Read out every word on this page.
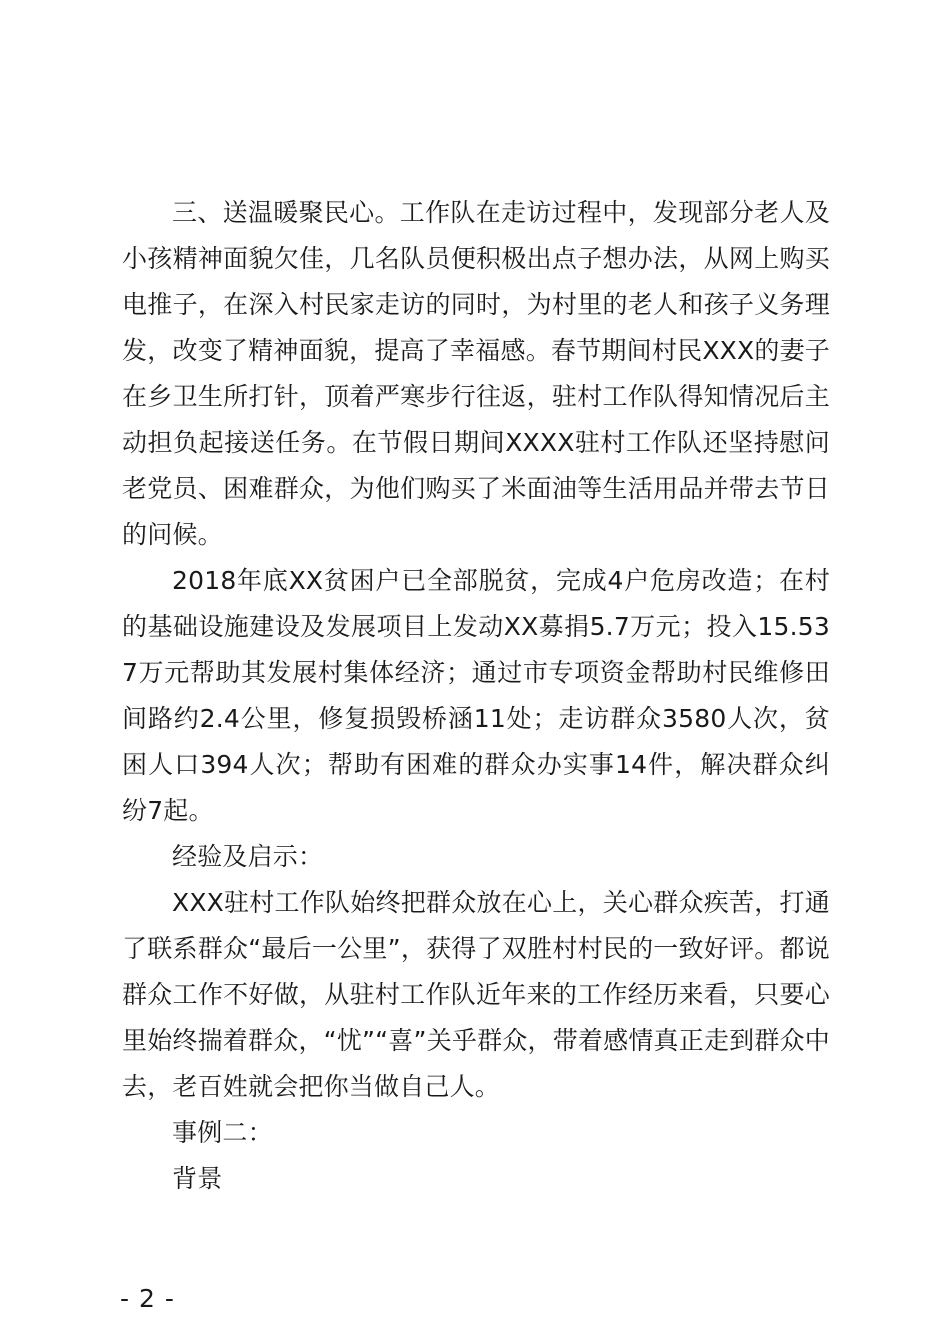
三、送温暖聚民心。工作队在走访过程中，发现部分老人及小孩精神面貌欠佳，几名队员便积极出点子想办法，从网上购买电推子，在深入村民家走访的同时，为村里的老人和孩子义务理发，改变了精神面貌，提高了幸福感。春节期间村民XXX的妻子在乡卫生所打针，顶着严寒步行往返，驻村工作队得知情况后主动担负起接送任务。在节假日期间XXXX驻村工作队还坚持慰问老党员、困难群众，为他们购买了米面油等生活用品并带去节日的问候。

2018年底XX贫困户已全部脱贫，完成4户危房改造；在村的基础设施建设及发展项目上发动XX募捐5.7万元；投入15.537万元帮助其发展村集体经济；通过市专项资金帮助村民维修田间路约2.4公里，修复损毁桥涵11处；走访群众3580人次，贫困人口394人次；帮助有困难的群众办实事14件，解决群众纠纷7起。

经验及启示：

XXX驻村工作队始终把群众放在心上，关心群众疾苦，打通了联系群众“最后一公里”，获得了双胜村村民的一致好评。都说群众工作不好做，从驻村工作队近年来的工作经历来看，只要心里始终揣着群众，“忧”“喜”关乎群众，带着感情真正走到群众中去，老百姓就会把你当做自己人。

事例二：

背景

- 2 -
